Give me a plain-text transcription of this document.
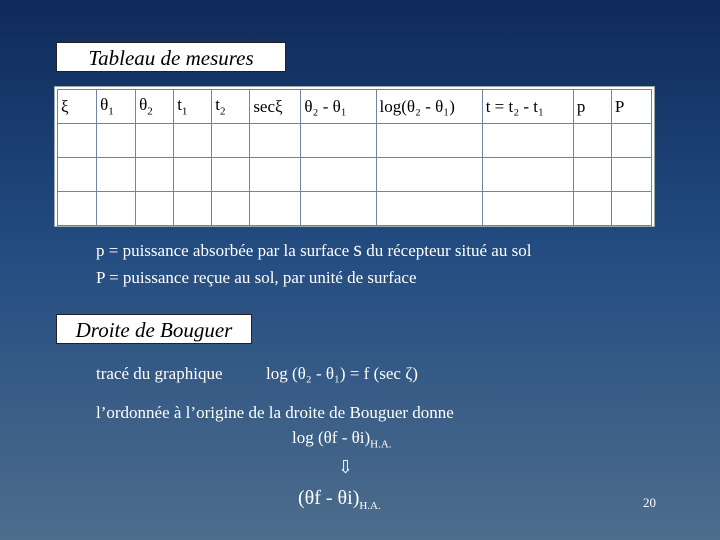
Tableau de mesures
ξ	$\theta_1$	$\theta_2$	$t_1$	$t_2$	secξ	θ₂ - θ₁	log(θ₂ - θ₁)	t = t₂ - t₁	p	P

p = puissance absorbée par la surface s du récepteur situé au sol
P = puissance reçue au sol, par unité de surface
Droite de Bouguer
tracé du graphique	log (θ₂ - θ₁) = f (sec ζ)
l’ordonnée à l’origine de la droite de Bouguer donne
$\log (\theta f - \theta i)_{H.A.}$
⇩
$(\theta f - \theta i)_{H.A.}$	20
